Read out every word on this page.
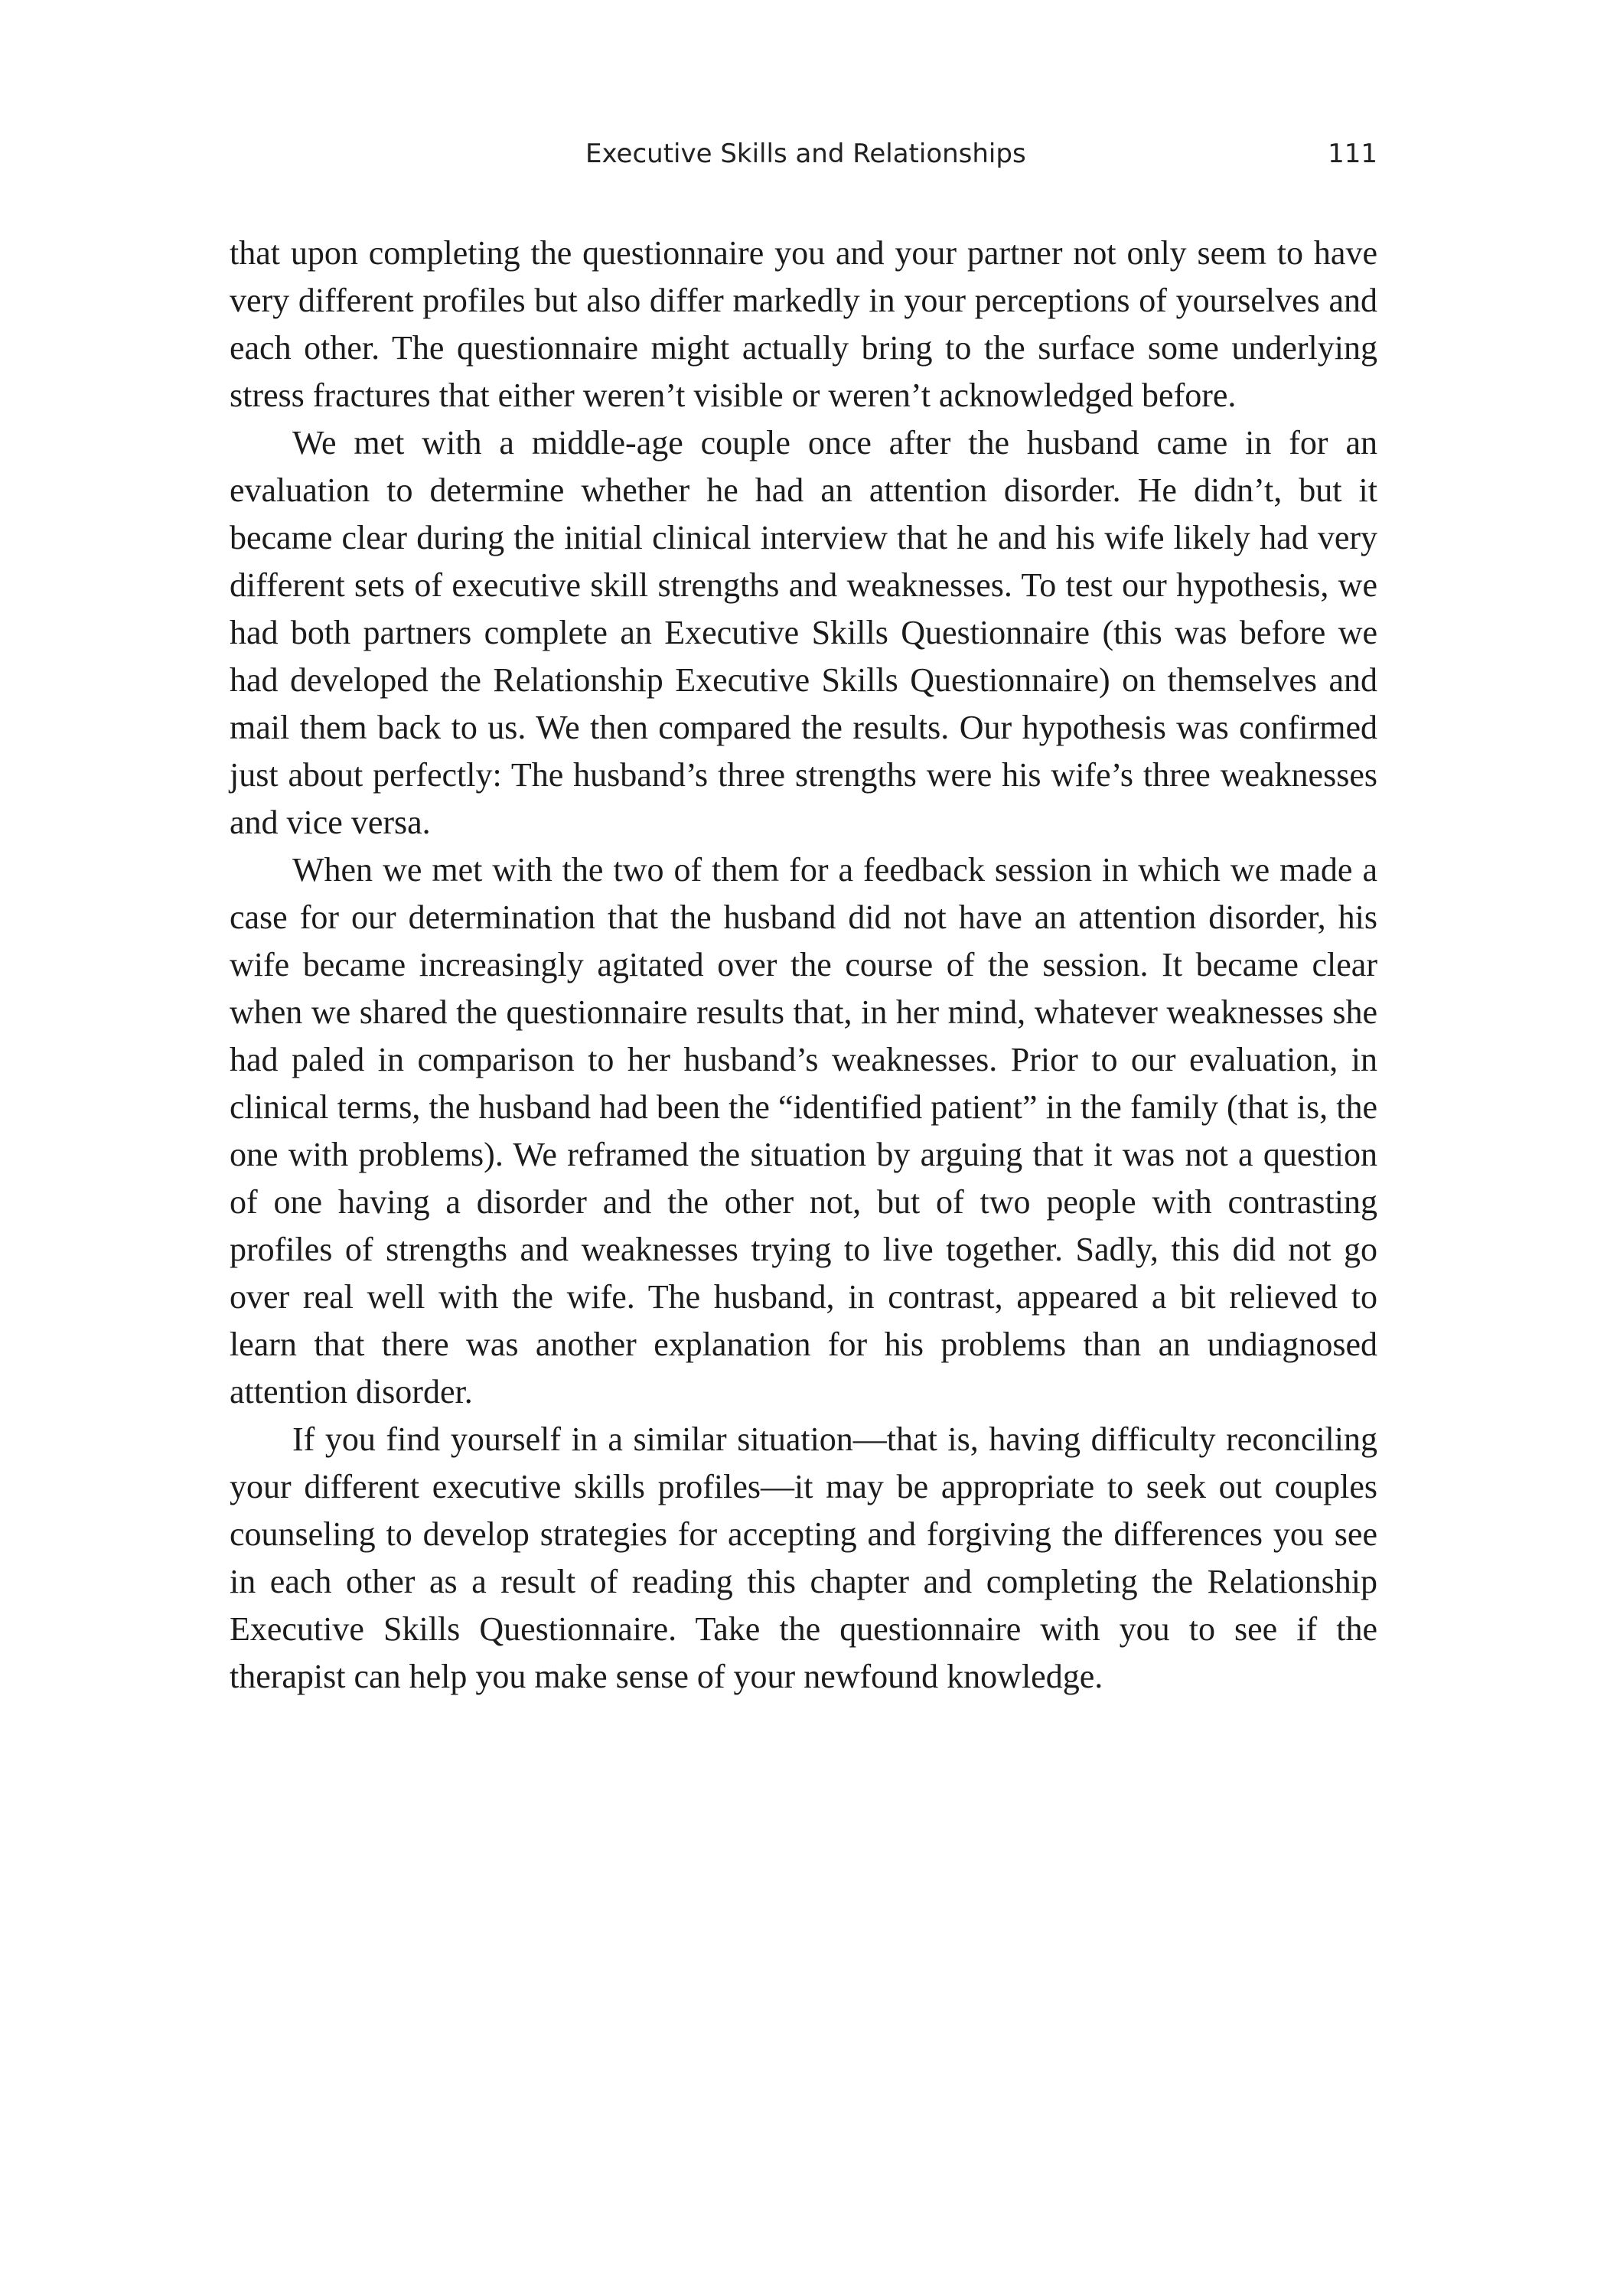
Executive Skills and Relationships	111

that upon completing the questionnaire you and your partner not only seem to have very different profiles but also differ markedly in your perceptions of yourselves and each other. The questionnaire might actually bring to the surface some underlying stress fractures that either weren’t visible or weren’t acknowledged before.

We met with a middle-age couple once after the husband came in for an evaluation to determine whether he had an attention disorder. He didn’t, but it became clear during the initial clinical interview that he and his wife likely had very different sets of executive skill strengths and weaknesses. To test our hypothesis, we had both partners complete an Executive Skills Questionnaire (this was before we had developed the Relationship Executive Skills Questionnaire) on themselves and mail them back to us. We then compared the results. Our hypothesis was confirmed just about perfectly: The husband’s three strengths were his wife’s three weaknesses and vice versa.

When we met with the two of them for a feedback session in which we made a case for our determination that the husband did not have an attention disorder, his wife became increasingly agitated over the course of the session. It became clear when we shared the questionnaire results that, in her mind, whatever weaknesses she had paled in comparison to her husband’s weaknesses. Prior to our evaluation, in clinical terms, the husband had been the “identified patient” in the family (that is, the one with problems). We reframed the situation by arguing that it was not a question of one having a disorder and the other not, but of two people with contrasting profiles of strengths and weaknesses trying to live together. Sadly, this did not go over real well with the wife. The husband, in contrast, appeared a bit relieved to learn that there was another explanation for his problems than an undiagnosed attention disorder.

If you find yourself in a similar situation—that is, having difficulty reconciling your different executive skills profiles—it may be appropriate to seek out couples counseling to develop strategies for accepting and forgiving the differences you see in each other as a result of reading this chapter and completing the Relationship Executive Skills Questionnaire. Take the questionnaire with you to see if the therapist can help you make sense of your newfound knowledge.
